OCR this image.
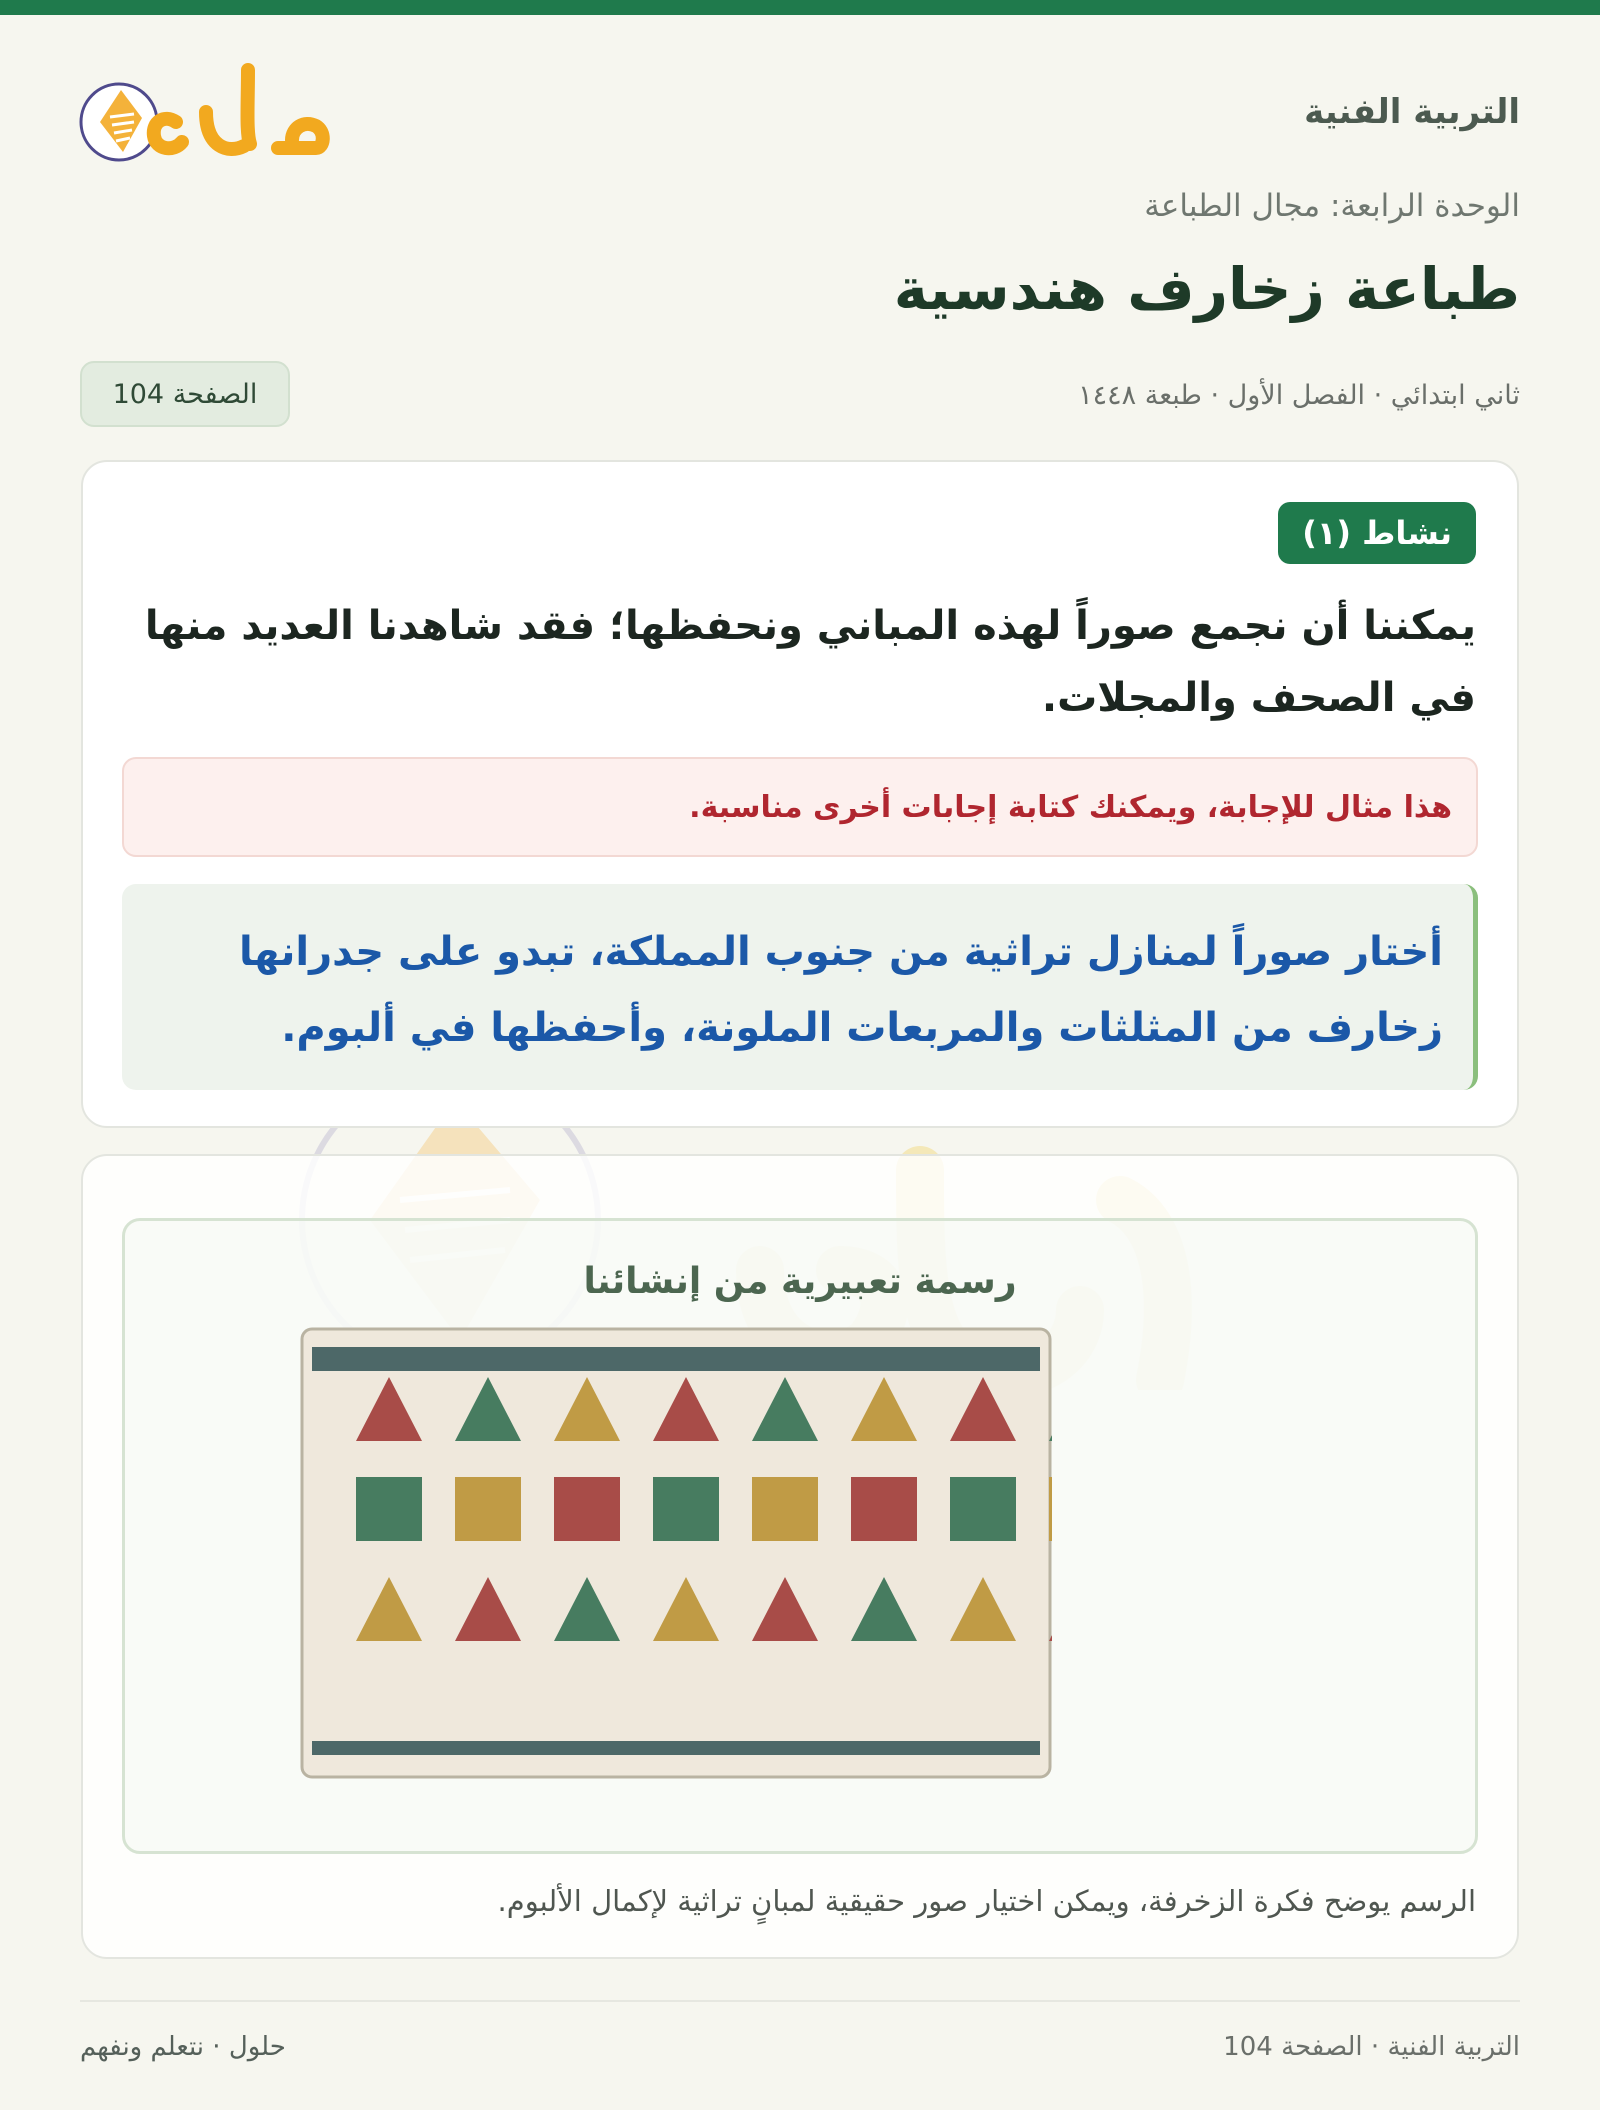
التربية الفنية
الوحدة الرابعة: مجال الطباعة
طباعة زخارف هندسية
ثاني ابتدائي · الفصل الأول · طبعة ١٤٤٨
الصفحة 104
نشاط (١)
يمكننا أن نجمع صوراً لهذه المباني ونحفظها؛ فقد شاهدنا العديد منها في الصحف والمجلات.
هذا مثال للإجابة، ويمكنك كتابة إجابات أخرى مناسبة.
أختار صوراً لمنازل تراثية من جنوب المملكة، تبدو على جدرانها زخارف من المثلثات والمربعات الملونة، وأحفظها في ألبوم.
رسمة تعبيرية من إنشائنا
الرسم يوضح فكرة الزخرفة، ويمكن اختيار صور حقيقية لمبانٍ تراثية لإكمال الألبوم.
التربية الفنية · الصفحة 104
حلول · نتعلم ونفهم
